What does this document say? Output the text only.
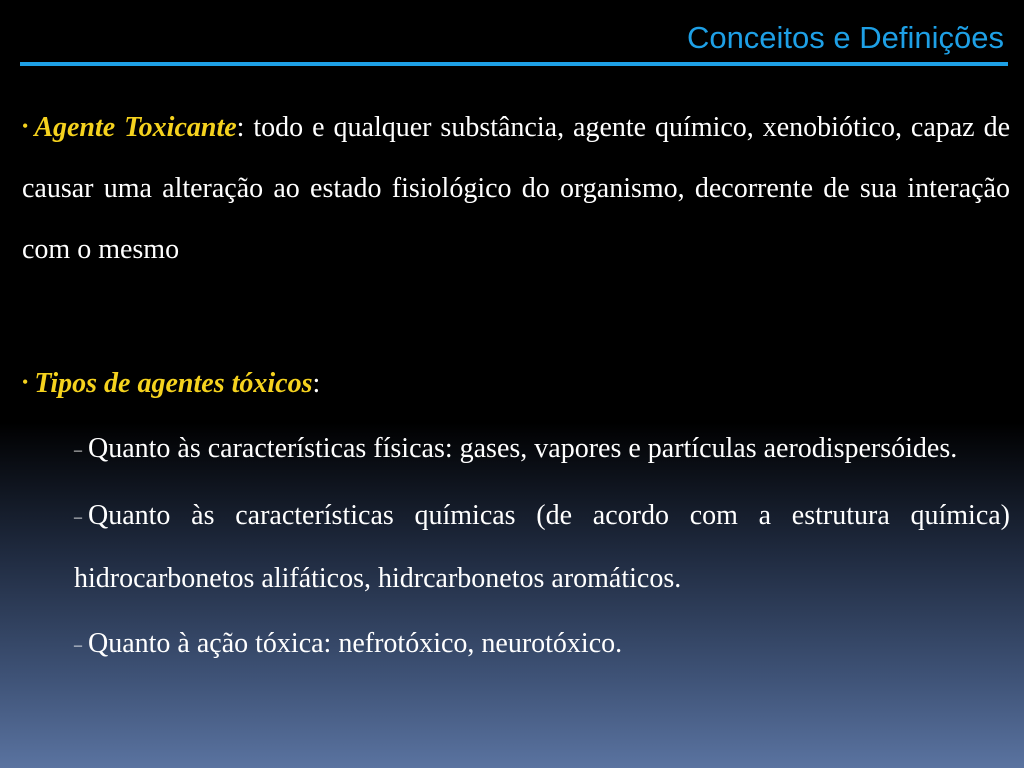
Conceitos e Definições

• Agente Toxicante: todo e qualquer substância, agente químico, xenobiótico, capaz de causar uma alteração ao estado fisiológico do organismo, decorrente de sua interação com o mesmo

• Tipos de agentes tóxicos:

– Quanto às características físicas: gases, vapores e partículas aerodispersóides.

– Quanto às características químicas (de acordo com a estrutura química) hidrocarbonetos alifáticos, hidrcarbonetos aromáticos.

– Quanto à ação tóxica: nefrotóxico, neurotóxico.
